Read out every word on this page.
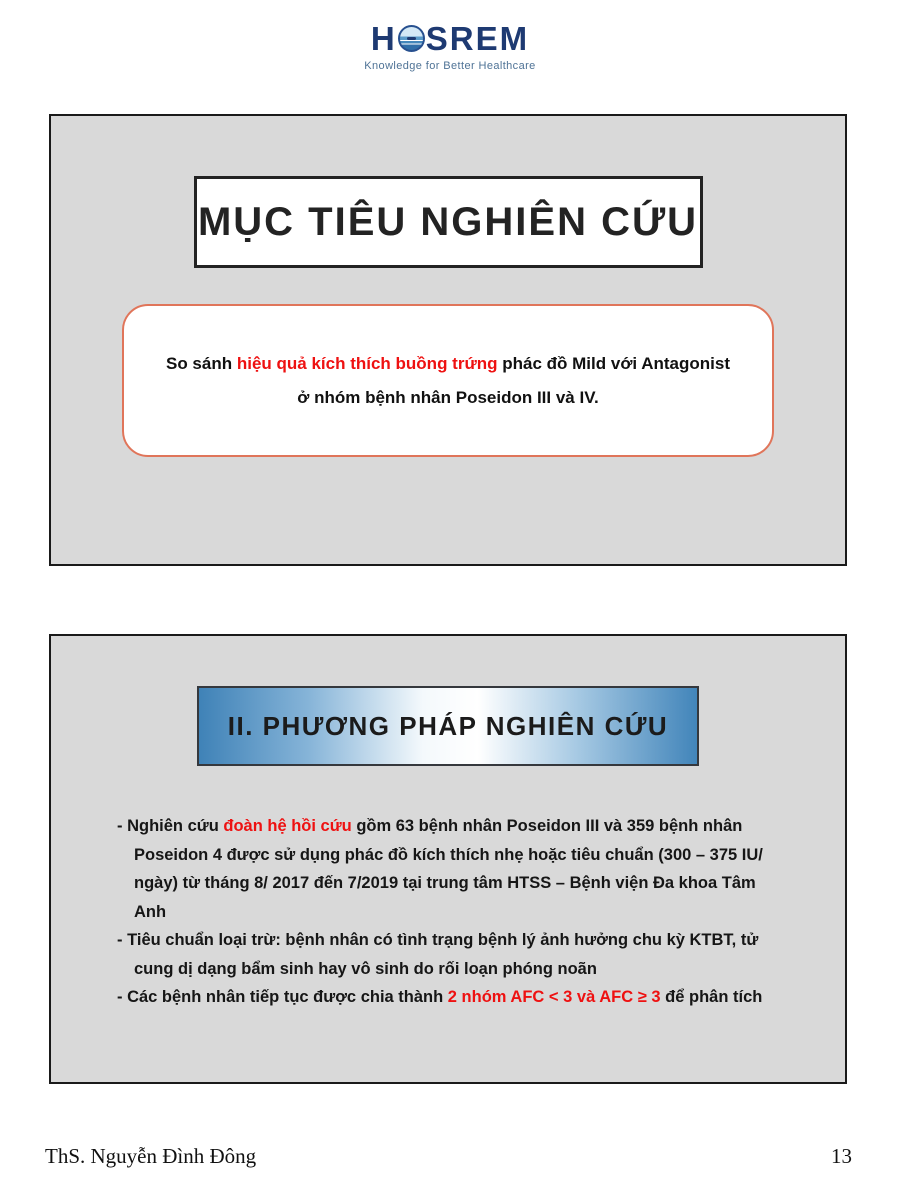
H SREM
Knowledge for Better Healthcare
MỤC TIÊU NGHIÊN CỨU
So sánh hiệu quả kích thích buồng trứng phác đồ Mild với Antagonist
ở nhóm bệnh nhân Poseidon III và IV.
II. PHƯƠNG PHÁP NGHIÊN CỨU
- Nghiên cứu đoàn hệ hồi cứu gồm 63 bệnh nhân Poseidon III và 359 bệnh nhân
Poseidon 4 được sử dụng phác đồ kích thích nhẹ hoặc tiêu chuẩn (300 – 375 IU/
ngày) từ tháng 8/ 2017 đến 7/2019 tại trung tâm HTSS – Bệnh viện Đa khoa Tâm
Anh
- Tiêu chuẩn loại trừ: bệnh nhân có tình trạng bệnh lý ảnh hưởng chu kỳ KTBT, tử
cung dị dạng bẩm sinh hay vô sinh do rối loạn phóng noãn
- Các bệnh nhân tiếp tục được chia thành 2 nhóm AFC < 3 và AFC ≥ 3 để phân tích
ThS. Nguyễn Đình Đông	13
